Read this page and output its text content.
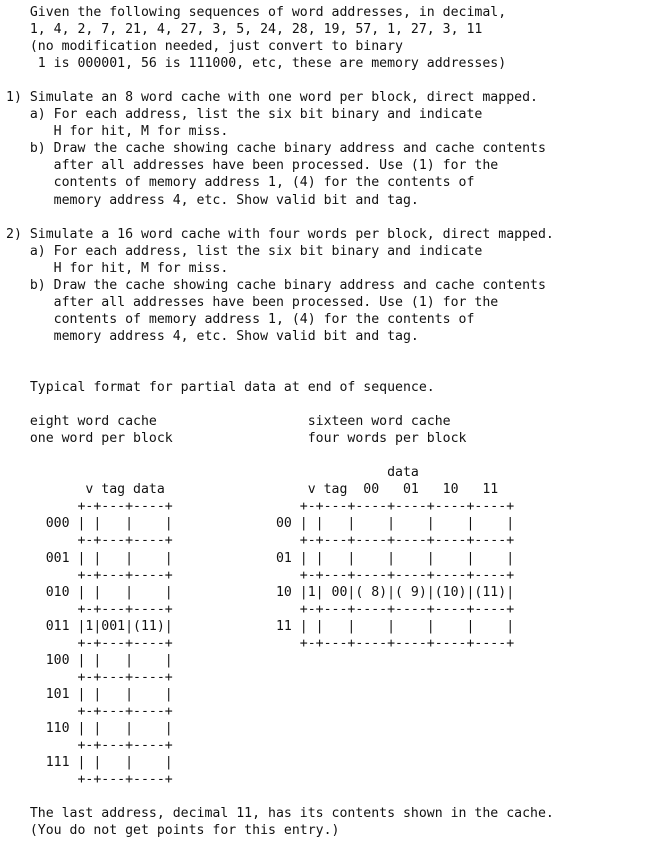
Given the following sequences of word addresses, in decimal,
1, 4, 2, 7, 21, 4, 27, 3, 5, 24, 28, 19, 57, 1, 27, 3, 11
(no modification needed, just convert to binary
1 is 000001, 56 is 111000, etc, these are memory addresses)
1) Simulate an 8 word cache with one word per block, direct mapped.
a) For each address, list the six bit binary and indicate
H for hit, M for miss.
b) Draw the cache showing cache binary address and cache contents
after all addresses have been processed. Use (1) for the
contents of memory address 1, (4) for the contents of
memory address 4, etc. Show valid bit and tag.
2) Simulate a 16 word cache with four words per block, direct mapped.
a) For each address, list the six bit binary and indicate
H for hit, M for miss.
b) Draw the cache showing cache binary address and cache contents
after all addresses have been processed. Use (1) for the
contents of memory address 1, (4) for the contents of
memory address 4, etc. Show valid bit and tag.
Typical format for partial data at end of sequence.
eight word cache                   sixteen word cache
one word per block                 four words per block
data
v tag data                  v tag  00   01   10   11
+-+---+----+                +-+---+----+----+----+----+
000 | |   |    |             00 | |   |    |    |    |    |
+-+---+----+                +-+---+----+----+----+----+
001 | |   |    |             01 | |   |    |    |    |    |
+-+---+----+                +-+---+----+----+----+----+
010 | |   |    |             10 |1| 00|( 8)|( 9)|(10)|(11)|
+-+---+----+                +-+---+----+----+----+----+
011 |1|001|(11)|             11 | |   |    |    |    |    |
+-+---+----+                +-+---+----+----+----+----+
100 | |   |    |
+-+---+----+
101 | |   |    |
+-+---+----+
110 | |   |    |
+-+---+----+
111 | |   |    |
+-+---+----+
The last address, decimal 11, has its contents shown in the cache.
(You do not get points for this entry.)
